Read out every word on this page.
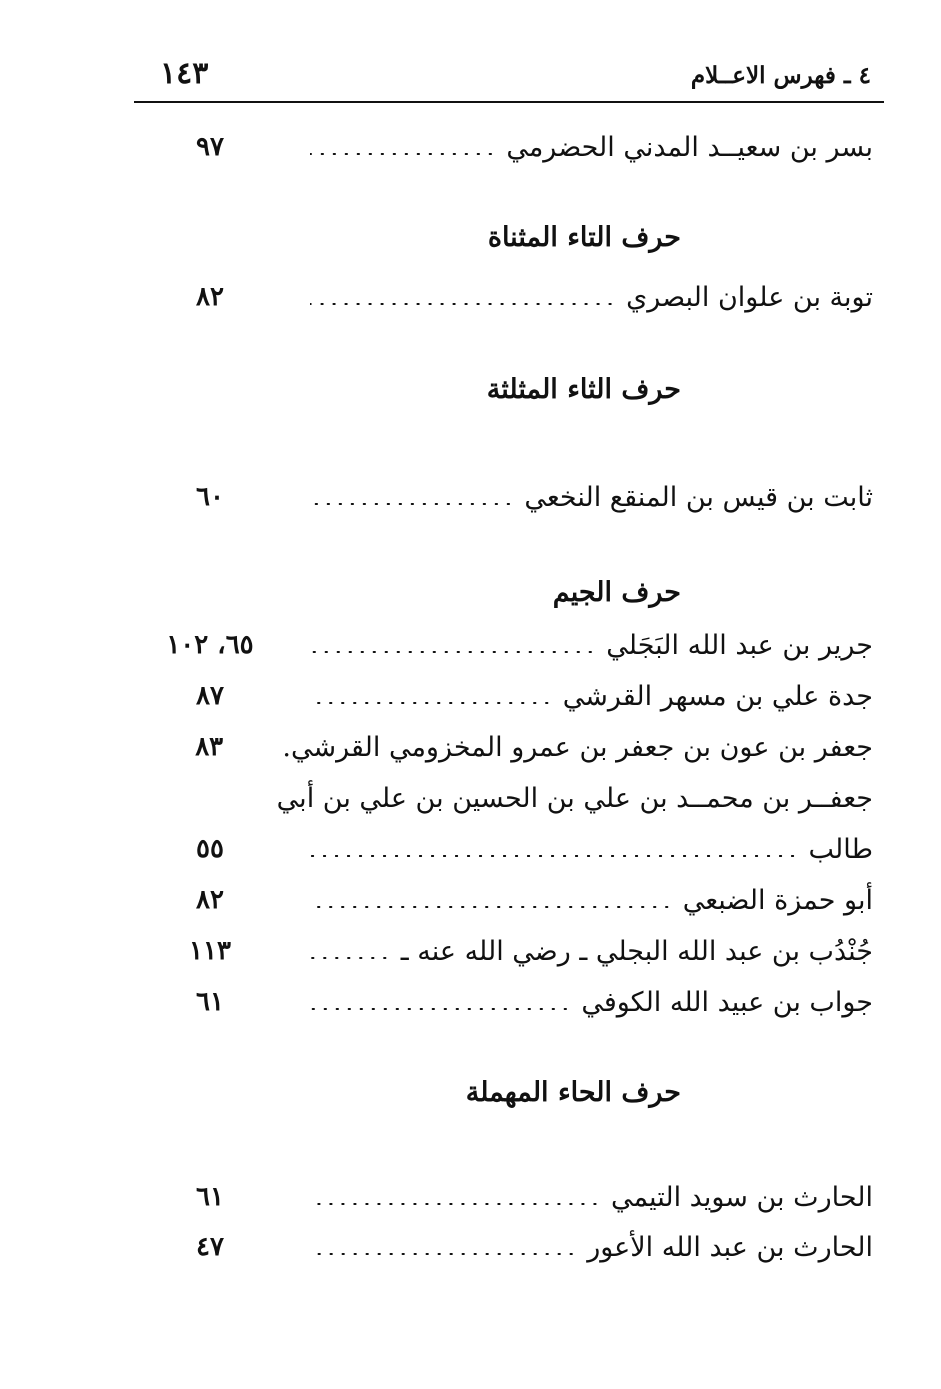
٤ ـ فهرس الاعــلام
١٤٣
بسر بن سعيــد المدني الحضرمي
٩٧
حرف التاء المثناة
توبة بن علوان البصري
٨٢
حرف الثاء المثلثة
ثابت بن قيس بن المنقع النخعي
٦٠
حرف الجيم
جرير بن عبد الله البَجَلي
٦٥، ١٠٢
جدة علي بن مسهر القرشي
٨٧
جعفر بن عون بن جعفر بن عمرو المخزومي القرشي.
٨٣
جعفــر بن محمــد بن علي بن الحسين بن علي بن أبي
طالب
٥٥
أبو حمزة الضبعي
٨٢
جُنْدُب بن عبد الله البجلي ـ رضي الله عنه ـ
١١٣
جواب بن عبيد الله الكوفي
٦١
حرف الحاء المهملة
الحارث بن سويد التيمي
٦١
الحارث بن عبد الله الأعور
٤٧
